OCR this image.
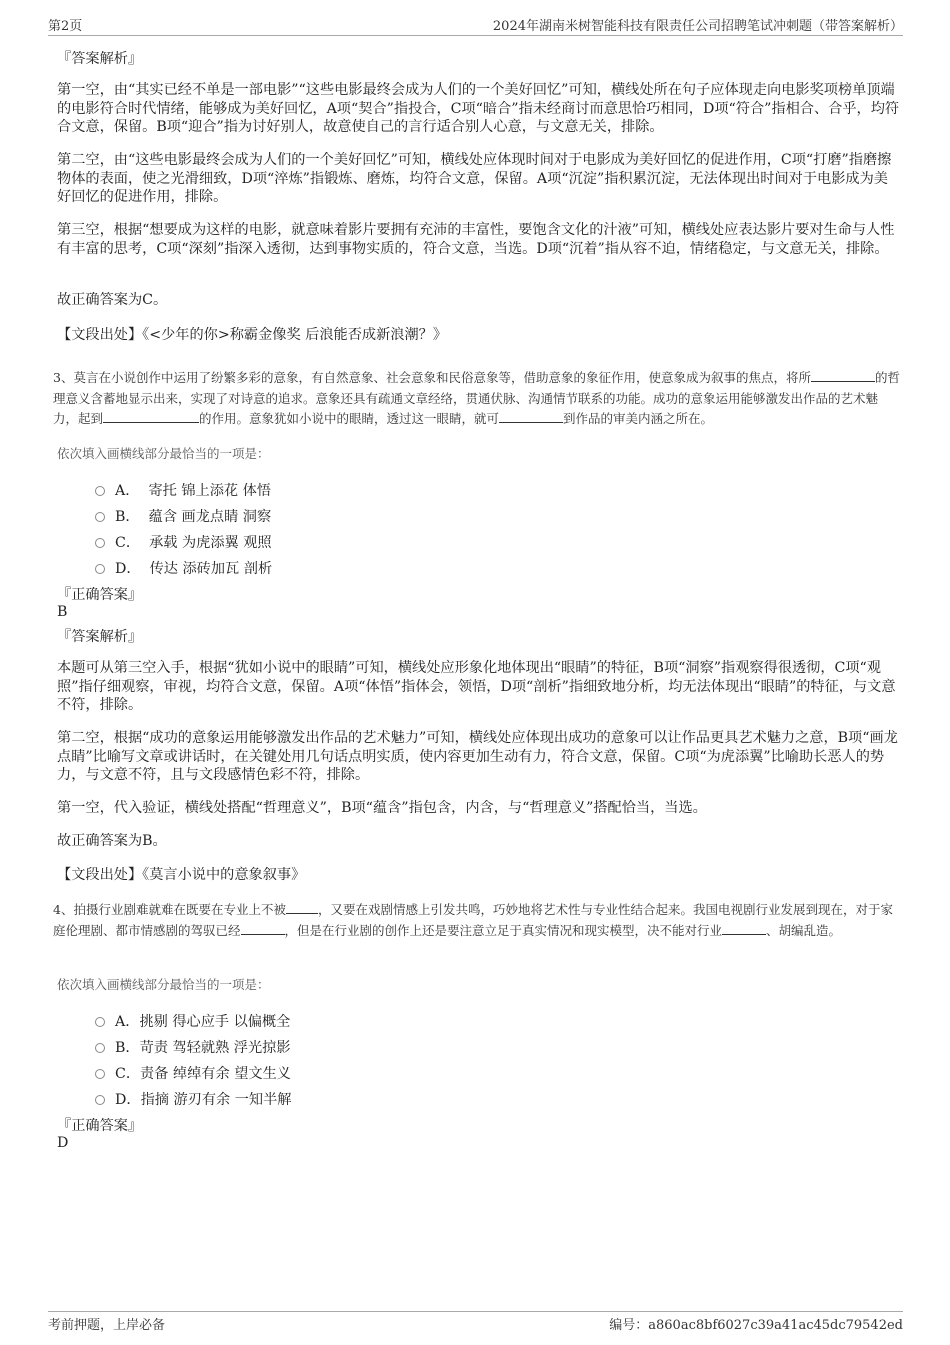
第2页	2024年湖南米树智能科技有限责任公司招聘笔试冲刺题（带答案解析）
『答案解析』

第一空，由“其实已经不单是一部电影”“这些电影最终会成为人们的一个美好回忆”可知，横线处所在句子应体现走向电影奖项榜单顶端的电影符合时代情绪，能够成为美好回忆，A项“契合”指投合，C项“暗合”指未经商讨而意思恰巧相同，D项“符合”指相合、合乎，均符合文意，保留。B项“迎合”指为讨好别人，故意使自己的言行适合别人心意，与文意无关，排除。

第二空，由“这些电影最终会成为人们的一个美好回忆”可知，横线处应体现时间对于电影成为美好回忆的促进作用，C项“打磨”指磨擦物体的表面，使之光滑细致，D项“淬炼”指锻炼、磨炼，均符合文意，保留。A项“沉淀”指积累沉淀，无法体现出时间对于电影成为美好回忆的促进作用，排除。

第三空，根据“想要成为这样的电影，就意味着影片要拥有充沛的丰富性，要饱含文化的汁液”可知，横线处应表达影片要对生命与人性有丰富的思考，C项“深刻”指深入透彻，达到事物实质的，符合文意，当选。D项“沉着”指从容不迫，情绪稳定，与文意无关，排除。

故正确答案为C。

【文段出处】《<少年的你>称霸金像奖 后浪能否成新浪潮？》

3、莫言在小说创作中运用了纷繁多彩的意象，有自然意象、社会意象和民俗意象等，借助意象的象征作用，使意象成为叙事的焦点，将所	的哲理意义含蓄地显示出来，实现了对诗意的追求。意象还具有疏通文章经络，贯通伏脉、沟通情节联系的功能。成功的意象运用能够激发出作品的艺术魅力，起到	的作用。意象犹如小说中的眼睛，透过这一眼睛，就可	到作品的审美内涵之所在。

依次填入画横线部分最恰当的一项是：

A． 寄托 锦上添花 体悟
B． 蕴含 画龙点睛 洞察
C． 承载 为虎添翼 观照
D． 传达 添砖加瓦 剖析
『正确答案』
B
『答案解析』

本题可从第三空入手，根据“犹如小说中的眼睛”可知，横线处应形象化地体现出“眼睛”的特征，B项“洞察”指观察得很透彻，C项“观照”指仔细观察，审视，均符合文意，保留。A项“体悟”指体会，领悟，D项“剖析”指细致地分析，均无法体现出“眼睛”的特征，与文意不符，排除。

第二空，根据“成功的意象运用能够激发出作品的艺术魅力”可知，横线处应体现出成功的意象可以让作品更具艺术魅力之意，B项“画龙点睛”比喻写文章或讲话时，在关键处用几句话点明实质，使内容更加生动有力，符合文意，保留。C项“为虎添翼”比喻助长恶人的势力，与文意不符，且与文段感情色彩不符，排除。

第一空，代入验证，横线处搭配“哲理意义”，B项“蕴含”指包含，内含，与“哲理意义”搭配恰当，当选。

故正确答案为B。

【文段出处】《莫言小说中的意象叙事》

4、拍摄行业剧难就难在既要在专业上不被	，又要在戏剧情感上引发共鸣，巧妙地将艺术性与专业性结合起来。我国电视剧行业发展到现在，对于家庭伦理剧、都市情感剧的驾驭已经	，但是在行业剧的创作上还是要注意立足于真实情况和现实模型，决不能对行业	、胡编乱造。

依次填入画横线部分最恰当的一项是：

A．挑剔 得心应手 以偏概全
B．苛责 驾轻就熟 浮光掠影
C．责备 绰绰有余 望文生义
D．指摘 游刃有余 一知半解
『正确答案』
D
考前押题，上岸必备	编号：a860ac8bf6027c39a41ac45dc79542ed
